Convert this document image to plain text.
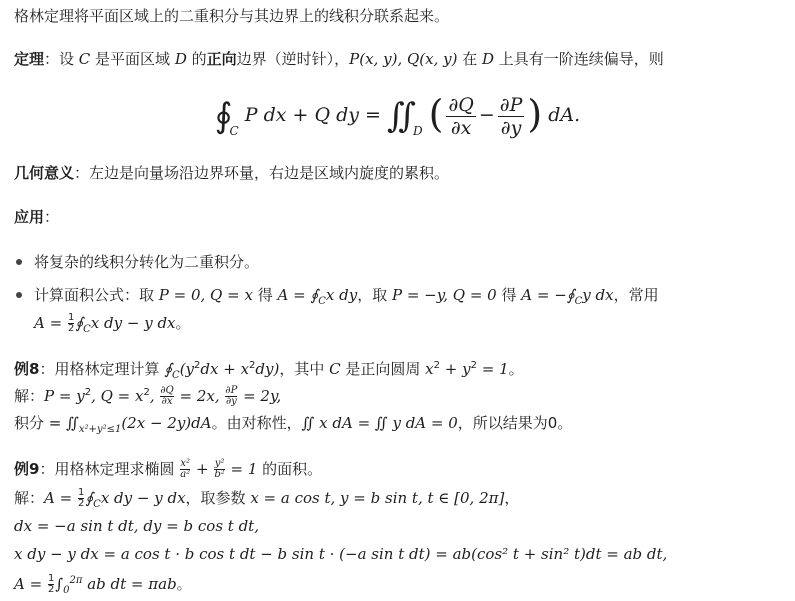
格林定理将平面区域上的二重积分与其边界上的线积分联系起来。
定理：设 C 是平面区域 D 的正向边界（逆时针），P(x, y), Q(x, y) 在 D 上具有一阶连续偏导，则
$∮_C$ P dx + Q dy = $∬_D$ ( $\frac{\partial Q}{\partial x} - \frac{\partial P}{\partial y}$ ) dA.
几何意义：左边是向量场沿边界环量，右边是区域内旋度的累积。
应用：
将复杂的线积分转化为二重积分。
计算面积公式：取 P = 0, Q = x 得 $A = ∮_Cx$ dy，取 P = −y, Q = 0 得 $A = -∮_Cy$ dx，常用
$A = \frac{1}{2}$ $∮_Cx$ dy − y dx。
例8：用格林定理计算 $∮_C(y^2dx + x^2dy)$，其中 C 是正向圆周 $x^2 + y^2 = 1$。
解：$P = y^2$, $Q = x^2$, $\frac{\partial Q}{\partial x} = 2x$, $\frac{\partial P}{\partial y} = 2y$,
积分 = $∬_{x^2+y^2\le 1}(2x - 2y)dA$。由对称性，∬ x dA = ∬ y dA = 0，所以结果为0。
例9：用格林定理求椭圆 $\frac{\text{x²}}{\text{a²}} + \frac{\text{y²}}{\text{b²}} = 1$ 的面积。
解：$A = \frac{1}{2}$ $∮_Cx$ dy − y dx，取参数 x = a cos t, y = b sin t, t ∈ [0, 2π]，
dx = −a sin t dt, dy = b cos t dt,
x dy − y dx = a cos t · b cos t dt − b sin t · (−a sin t dt) = ab(cos² t + sin² t)dt = ab dt,
$A = \frac{1}{2} \int_0^{2\pi}$ ab dt = πab。
